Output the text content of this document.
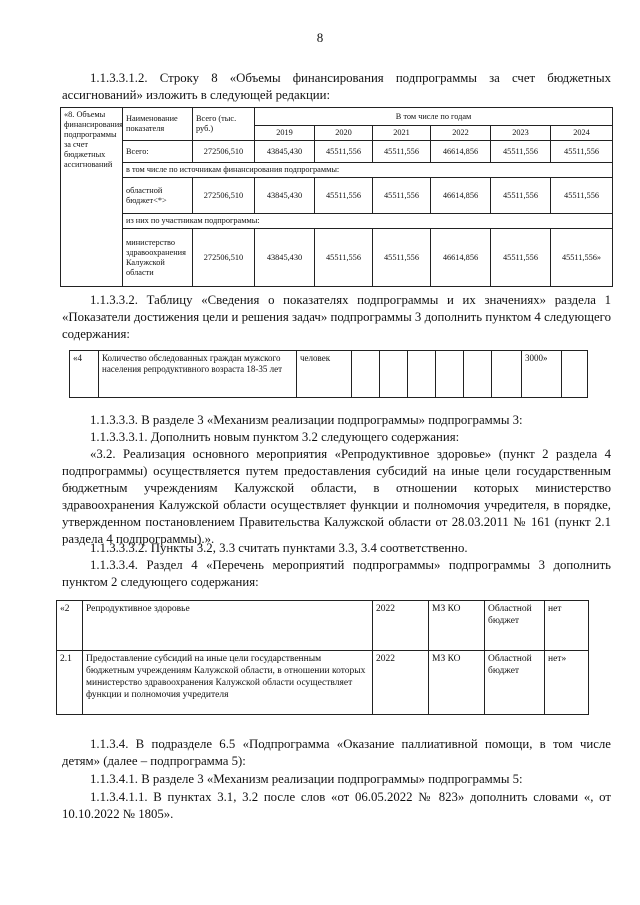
8
1.1.3.3.1.2. Строку 8 «Объемы финансирования подпрограммы за счет бюджетных ассигнований» изложить в следующей редакции:
«8. Объемы финансирования подпрограммы за счет бюджетных ассигнований	Наименование показателя	Всего (тыс. руб.)	В том числе по годам					
			2019	2020	2021	2022	2023	2024
	Всего:	272506,510	43845,430	45511,556	45511,556	46614,856	45511,556	45511,556
	в том числе по источникам финансирования подпрограммы:							
	областной бюджет<*>	272506,510	43845,430	45511,556	45511,556	46614,856	45511,556	45511,556
	из них по участникам подпрограммы:							
	министерство здравоохранения Калужской области	272506,510	43845,430	45511,556	45511,556	46614,856	45511,556	45511,556»
1.1.3.3.2. Таблицу «Сведения о показателях подпрограммы и их значениях» раздела 1 «Показатели достижения цели и решения задач» подпрограммы 3 дополнить пунктом 4 следующего содержания:
«4	Количество обследованных граждан мужского населения репродуктивного возраста 18-35 лет	человек							3000»	
1.1.3.3.3. В разделе 3 «Механизм реализации подпрограммы» подпрограммы 3:
1.1.3.3.3.1. Дополнить новым пунктом 3.2 следующего содержания:
«3.2. Реализация основного мероприятия «Репродуктивное здоровье» (пункт 2 раздела 4 подпрограммы) осуществляется путем предоставления субсидий на иные цели государственным бюджетным учреждениям Калужской области, в отношении которых министерство здравоохранения Калужской области осуществляет функции и полномочия учредителя, в порядке, утвержденном постановлением Правительства Калужской области от 28.03.2011 № 161 (пункт 2.1 раздела 4 подпрограммы).».
1.1.3.3.3.2. Пункты 3.2, 3.3 считать пунктами 3.3, 3.4 соответственно.
1.1.3.3.4. Раздел 4 «Перечень мероприятий подпрограммы» подпрограммы 3 дополнить пунктом 2 следующего содержания:
«2	Репродуктивное здоровье	2022	МЗ КО	Областной бюджет	нет
2.1	Предоставление субсидий на иные цели государственным бюджетным учреждениям Калужской области, в отношении которых министерство здравоохранения Калужской области осуществляет функции и полномочия учредителя	2022	МЗ КО	Областной бюджет	нет»
1.1.3.4. В подразделе 6.5 «Подпрограмма «Оказание паллиативной помощи, в том числе детям» (далее – подпрограмма 5):
1.1.3.4.1. В разделе 3 «Механизм реализации подпрограммы» подпрограммы 5:
1.1.3.4.1.1. В пунктах 3.1, 3.2 после слов «от 06.05.2022 № 823» дополнить словами «, от 10.10.2022 № 1805».
